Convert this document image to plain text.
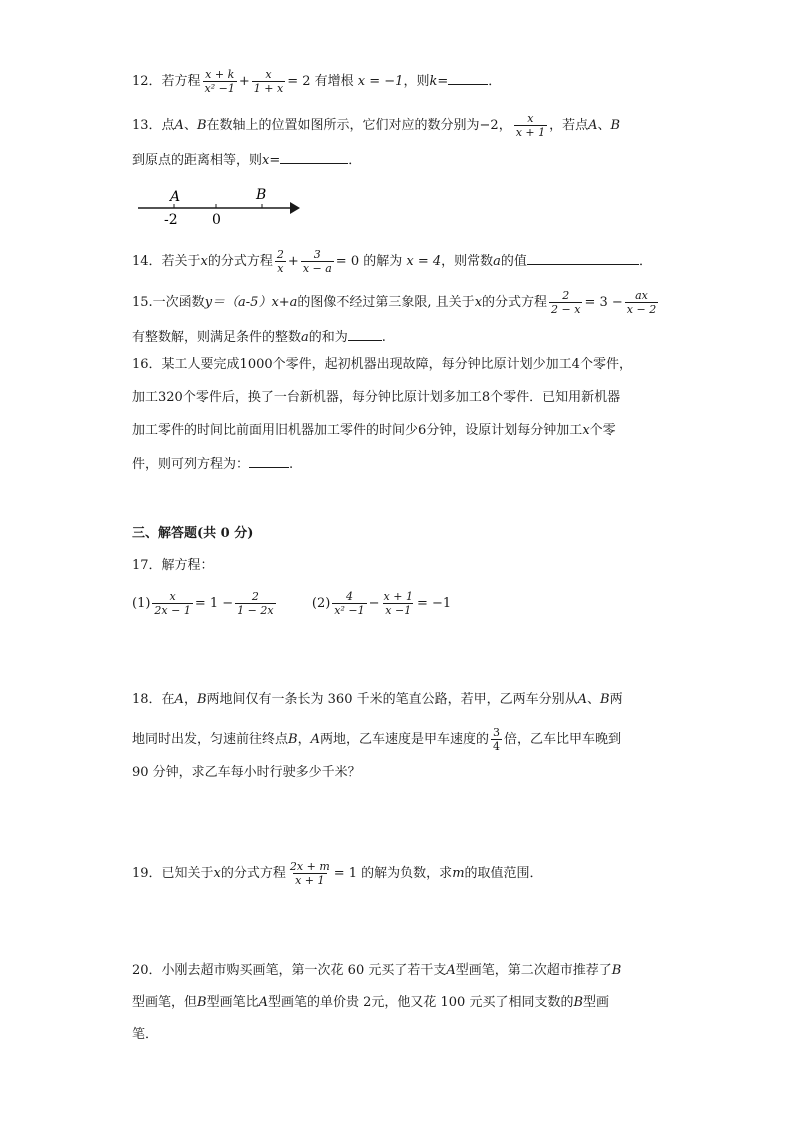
12．若方程 $\frac{x + k}{\text{x² −1}} + \frac{x}{1 + x} = 2$ 有增根 x = −1，则k=	．
13．点A、B在数轴上的位置如图所示，它们对应的数分别为−2， $\frac{x}{x + 1}$ ，若点A、B
到原点的距离相等，则x=	．
A	B
-2 0
14．若关于x的分式方程 $\frac{2}{x} + \frac{3}{x - a} = 0$ 的解为 x = 4，则常数a的值	．
15.一次函数y＝（a-5）x+a的图像不经过第三象限, 且关于x的分式方程 $\frac{2}{2 - x} = 3 - \frac{ax}{x - 2}$
有整数解，则满足条件的整数a的和为	.
16．某工人要完成1000个零件，起初机器出现故障，每分钟比原计划少加工4个零件，
加工320个零件后，换了一台新机器，每分钟比原计划多加工8个零件．已知用新机器
加工零件的时间比前面用旧机器加工零件的时间少6分钟，设原计划每分钟加工x个零
件，则可列方程为：	.
三、解答题(共 0 分)
17．解方程：
$(1) \frac{x}{2x - 1} = 1 - \frac{2}{1 - 2x}$	$(2) \frac{4}{\text{x² −1}} - \frac{x + 1}{x -1} = -1$
18．在A，B两地间仅有一条长为 360 千米的笔直公路，若甲，乙两车分别从A、B两
地同时出发，匀速前往终点B，A两地，乙车速度是甲车速度的 $\frac{3}{4}$ 倍，乙车比甲车晚到
90 分钟，求乙车每小时行驶多少千米？
19．已知关于x的分式方程 $\frac{2x + m}{x + 1} = 1$ 的解为负数，求m的取值范围．
20．小刚去超市购买画笔，第一次花 60 元买了若干支A型画笔，第二次超市推荐了B
型画笔，但B型画笔比A型画笔的单价贵 2元，他又花 100 元买了相同支数的B型画
笔．
